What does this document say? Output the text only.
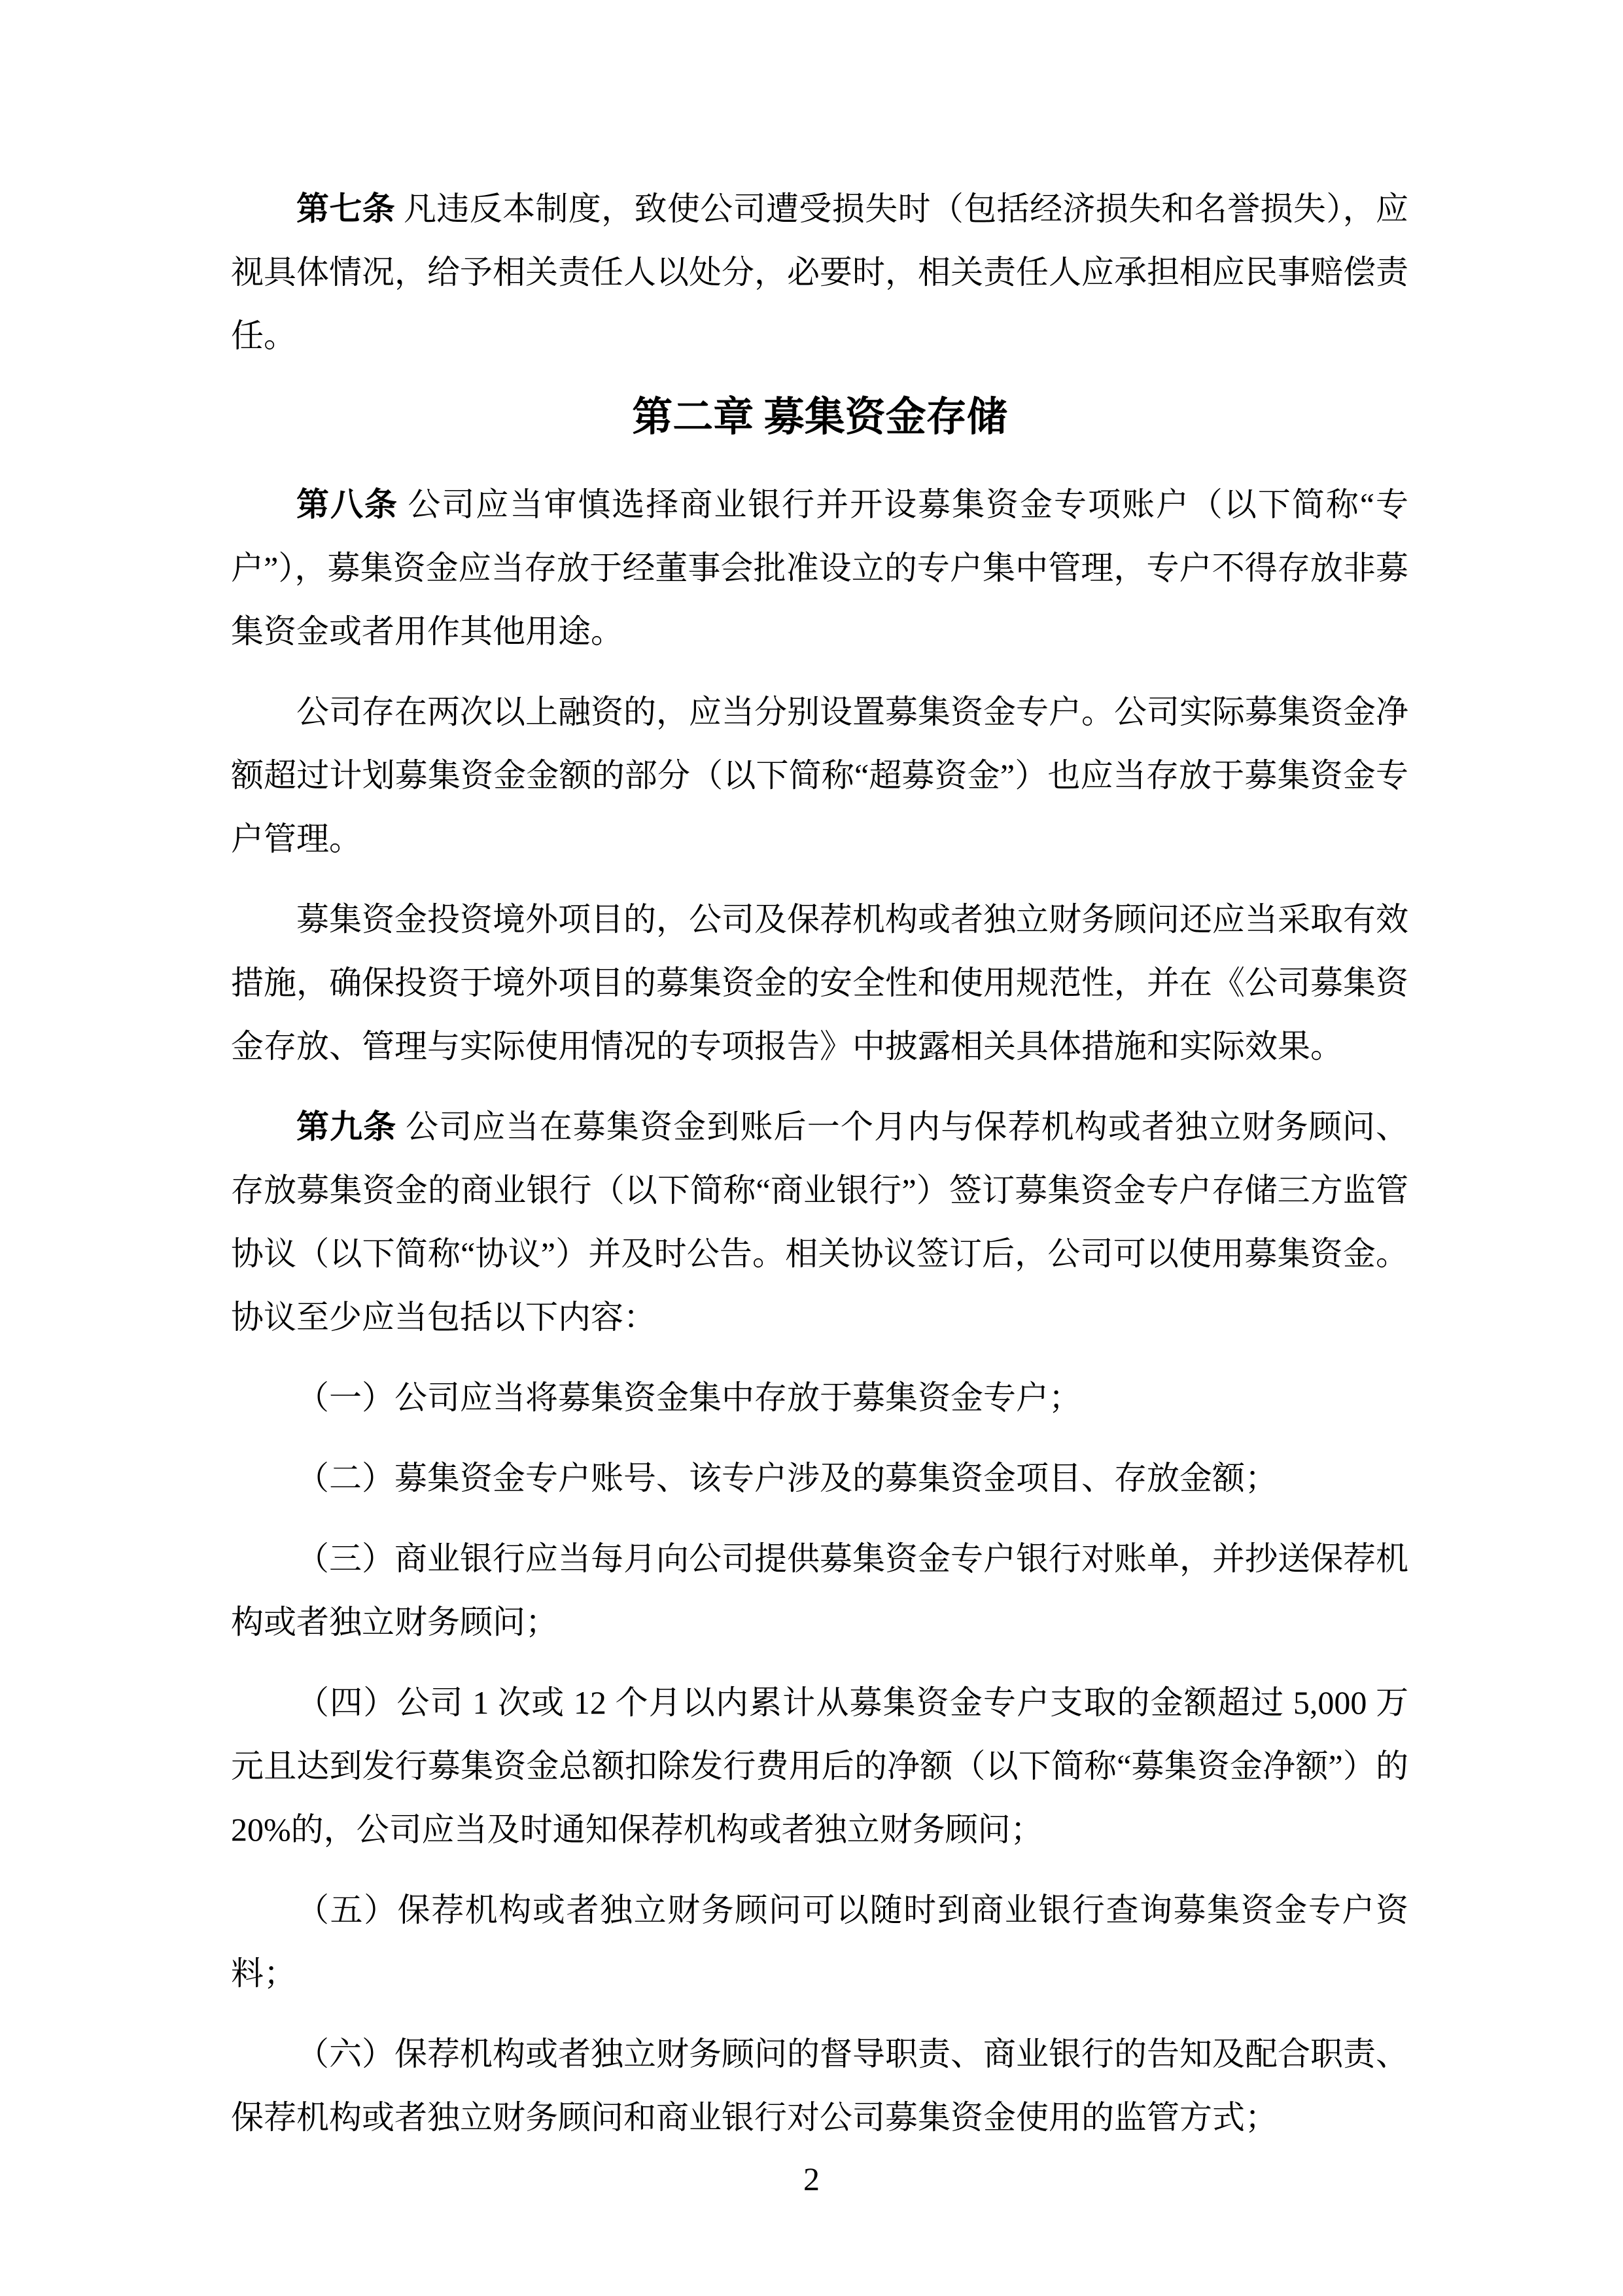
第七条 凡违反本制度，致使公司遭受损失时（包括经济损失和名誉损失），应视具体情况，给予相关责任人以处分，必要时，相关责任人应承担相应民事赔偿责任。

第二章 募集资金存储

第八条 公司应当审慎选择商业银行并开设募集资金专项账户（以下简称“专户”），募集资金应当存放于经董事会批准设立的专户集中管理，专户不得存放非募集资金或者用作其他用途。

公司存在两次以上融资的，应当分别设置募集资金专户。公司实际募集资金净额超过计划募集资金金额的部分（以下简称“超募资金”）也应当存放于募集资金专户管理。

募集资金投资境外项目的，公司及保荐机构或者独立财务顾问还应当采取有效措施，确保投资于境外项目的募集资金的安全性和使用规范性，并在《公司募集资金存放、管理与实际使用情况的专项报告》中披露相关具体措施和实际效果。

第九条 公司应当在募集资金到账后一个月内与保荐机构或者独立财务顾问、存放募集资金的商业银行（以下简称“商业银行”）签订募集资金专户存储三方监管协议（以下简称“协议”）并及时公告。相关协议签订后，公司可以使用募集资金。协议至少应当包括以下内容：

（一）公司应当将募集资金集中存放于募集资金专户；

（二）募集资金专户账号、该专户涉及的募集资金项目、存放金额；

（三）商业银行应当每月向公司提供募集资金专户银行对账单，并抄送保荐机构或者独立财务顾问；

（四）公司 1 次或 12 个月以内累计从募集资金专户支取的金额超过 5,000 万元且达到发行募集资金总额扣除发行费用后的净额（以下简称“募集资金净额”）的 20%的，公司应当及时通知保荐机构或者独立财务顾问；

（五）保荐机构或者独立财务顾问可以随时到商业银行查询募集资金专户资料；

（六）保荐机构或者独立财务顾问的督导职责、商业银行的告知及配合职责、保荐机构或者独立财务顾问和商业银行对公司募集资金使用的监管方式；

2
